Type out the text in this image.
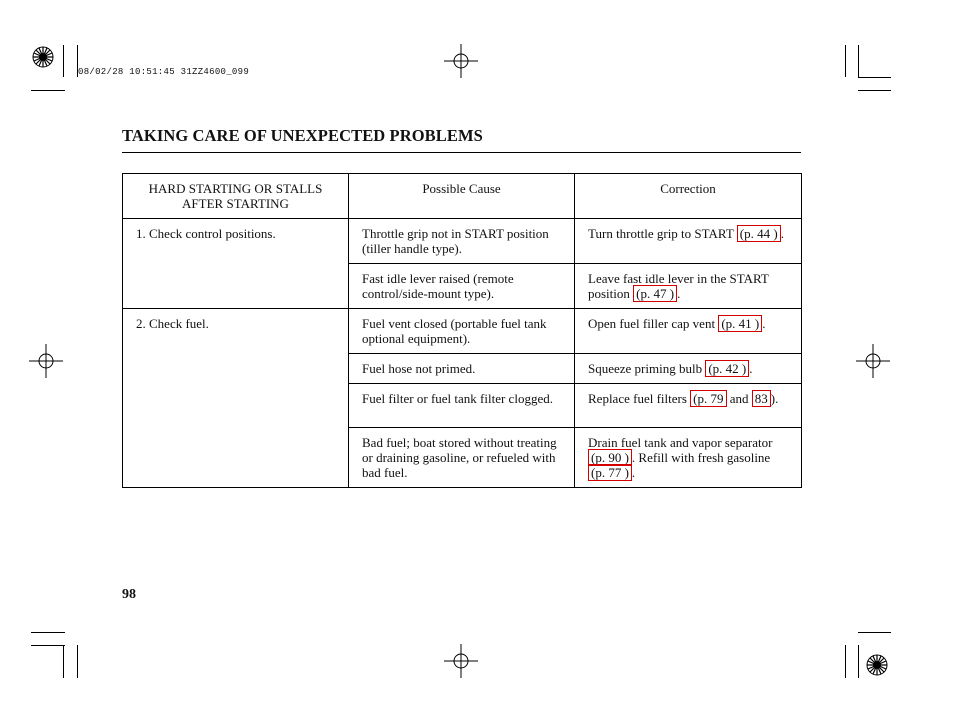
08/02/28 10:51:45 31ZZ4600_099
TAKING CARE OF UNEXPECTED PROBLEMS
HARD STARTING OR STALLS AFTER STARTING	Possible Cause	Correction
1. Check control positions.	Throttle grip not in START position (tiller handle type).	Turn throttle grip to START (p. 44 ) .
	Fast idle lever raised (remote control/side-mount type).	Leave fast idle lever in the START position (p. 47 ) .
2. Check fuel.	Fuel vent closed (portable fuel tank optional equipment).	Open fuel filler cap vent (p. 41 ) .
	Fuel hose not primed.	Squeeze priming bulb (p. 42 ) .
	Fuel filter or fuel tank filter clogged.	Replace fuel filters (p. 79 and 83 ).
	Bad fuel; boat stored without treating or draining gasoline, or refueled with bad fuel.	Drain fuel tank and vapor separator (p. 90 ) . Refill with fresh gasoline (p. 77 ) .
98
